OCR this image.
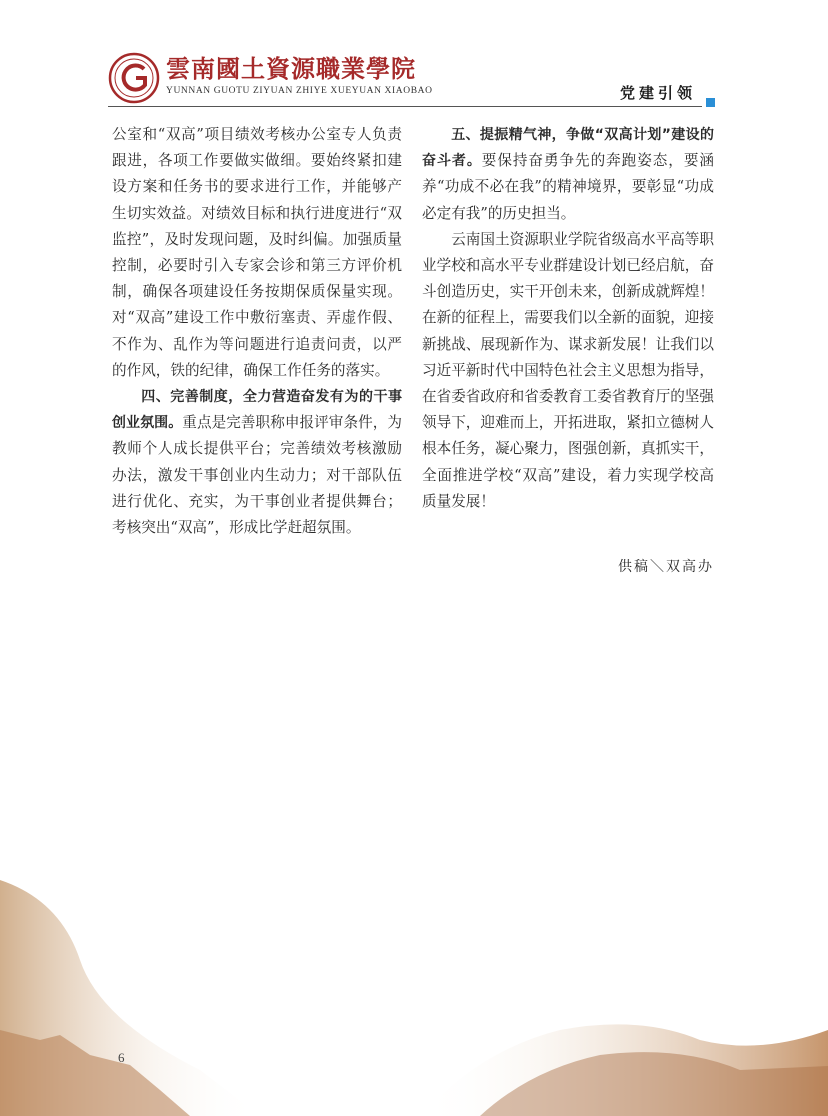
雲南國土資源職業學院
YUNNAN GUOTU ZIYUAN ZHIYE XUEYUAN XIAOBAO	党建引领

公室和“双高”项目绩效考核办公室专人负责跟进，各项工作要做实做细。要始终紧扣建设方案和任务书的要求进行工作，并能够产生切实效益。对绩效目标和执行进度进行“双监控”，及时发现问题，及时纠偏。加强质量控制，必要时引入专家会诊和第三方评价机制，确保各项建设任务按期保质保量实现。对“双高”建设工作中敷衍塞责、弄虚作假、不作为、乱作为等问题进行追责问责，以严的作风，铁的纪律，确保工作任务的落实。

四、完善制度，全力营造奋发有为的干事创业氛围。重点是完善职称申报评审条件，为教师个人成长提供平台；完善绩效考核激励办法，激发干事创业内生动力；对干部队伍进行优化、充实，为干事创业者提供舞台；考核突出“双高”，形成比学赶超氛围。

五、提振精气神，争做“双高计划”建设的奋斗者。要保持奋勇争先的奔跑姿态，要涵养“功成不必在我”的精神境界，要彰显“功成必定有我”的历史担当。

云南国土资源职业学院省级高水平高等职业学校和高水平专业群建设计划已经启航，奋斗创造历史，实干开创未来，创新成就辉煌！在新的征程上，需要我们以全新的面貌，迎接新挑战、展现新作为、谋求新发展！让我们以习近平新时代中国特色社会主义思想为指导，在省委省政府和省委教育工委省教育厅的坚强领导下，迎难而上，开拓进取，紧扣立德树人根本任务，凝心聚力，图强创新，真抓实干，全面推进学校“双高”建设，着力实现学校高质量发展！

供稿＼双高办
6
